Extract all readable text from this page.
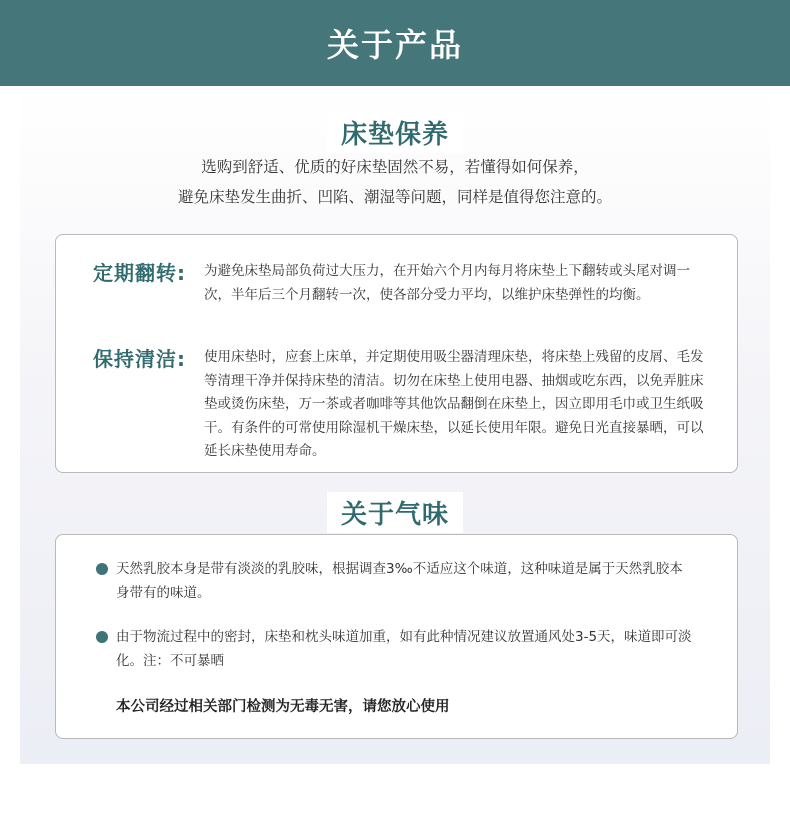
关于产品
床垫保养
选购到舒适、优质的好床垫固然不易，若懂得如何保养，
避免床垫发生曲折、凹陷、潮湿等问题，同样是值得您注意的。
定期翻转: 为避免床垫局部负荷过大压力，在开始六个月内每月将床垫上下翻转或头尾对调一次，半年后三个月翻转一次，使各部分受力平均，以维护床垫弹性的均衡。
保持清洁: 使用床垫时，应套上床单，并定期使用吸尘器清理床垫，将床垫上残留的皮屑、毛发等清理干净并保持床垫的清洁。切勿在床垫上使用电器、抽烟或吃东西，以免弄脏床垫或烫伤床垫，万一茶或者咖啡等其他饮品翻倒在床垫上，因立即用毛巾或卫生纸吸干。有条件的可常使用除湿机干燥床垫，以延长使用年限。避免日光直接暴晒，可以延长床垫使用寿命。
关于气味
天然乳胶本身是带有淡淡的乳胶味，根据调查3‰不适应这个味道，这种味道是属于天然乳胶本身带有的味道。
由于物流过程中的密封，床垫和枕头味道加重，如有此种情况建议放置通风处3-5天，味道即可淡化。注：不可暴晒
本公司经过相关部门检测为无毒无害，请您放心使用
